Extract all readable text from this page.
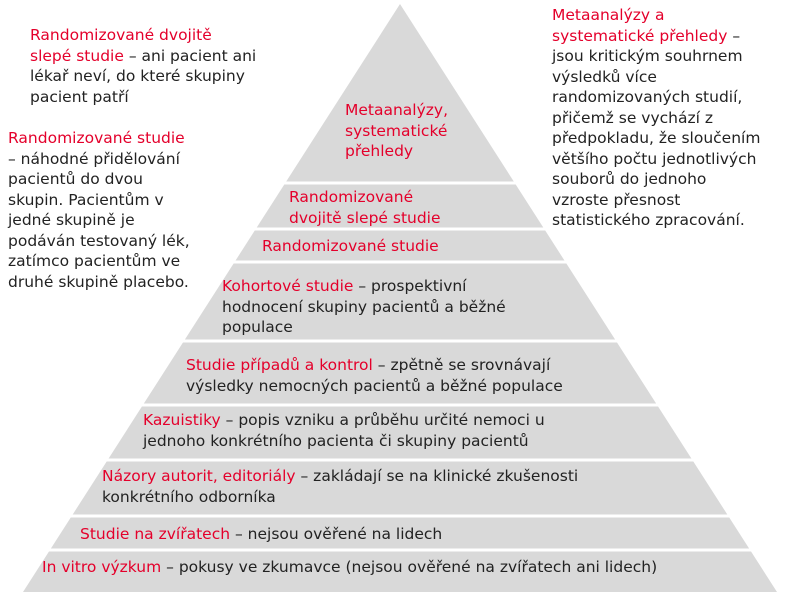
Metaanalýzy,
systematické
přehledy
Randomizované
dvojitě slepé studie
Randomizované studie
Kohortové studie – prospektivní
hodnocení skupiny pacientů a běžné
populace
Studie případů a kontrol – zpětně se srovnávají
výsledky nemocných pacientů a běžné populace
Kazuistiky – popis vzniku a průběhu určité nemoci u
jednoho konkrétního pacienta či skupiny pacientů
Názory autorit, editoriály – zakládají se na klinické zkušenosti
konkrétního odborníka
Studie na zvířatech – nejsou ověřené na lidech
In vitro výzkum – pokusy ve zkumavce (nejsou ověřené na zvířatech ani lidech)
Randomizované dvojitě
slepé studie – ani pacient ani
lékař neví, do které skupiny
pacient patří
Randomizované studie
– náhodné přidělování
pacientů do dvou
skupin. Pacientům v
jedné skupině je
podáván testovaný lék,
zatímco pacientům ve
druhé skupině placebo.
Metaanalýzy a
systematické přehledy –
jsou kritickým souhrnem
výsledků více
randomizovaných studií,
přičemž se vychází z
předpokladu, že sloučením
většího počtu jednotlivých
souborů do jednoho
vzroste přesnost
statistického zpracování.
